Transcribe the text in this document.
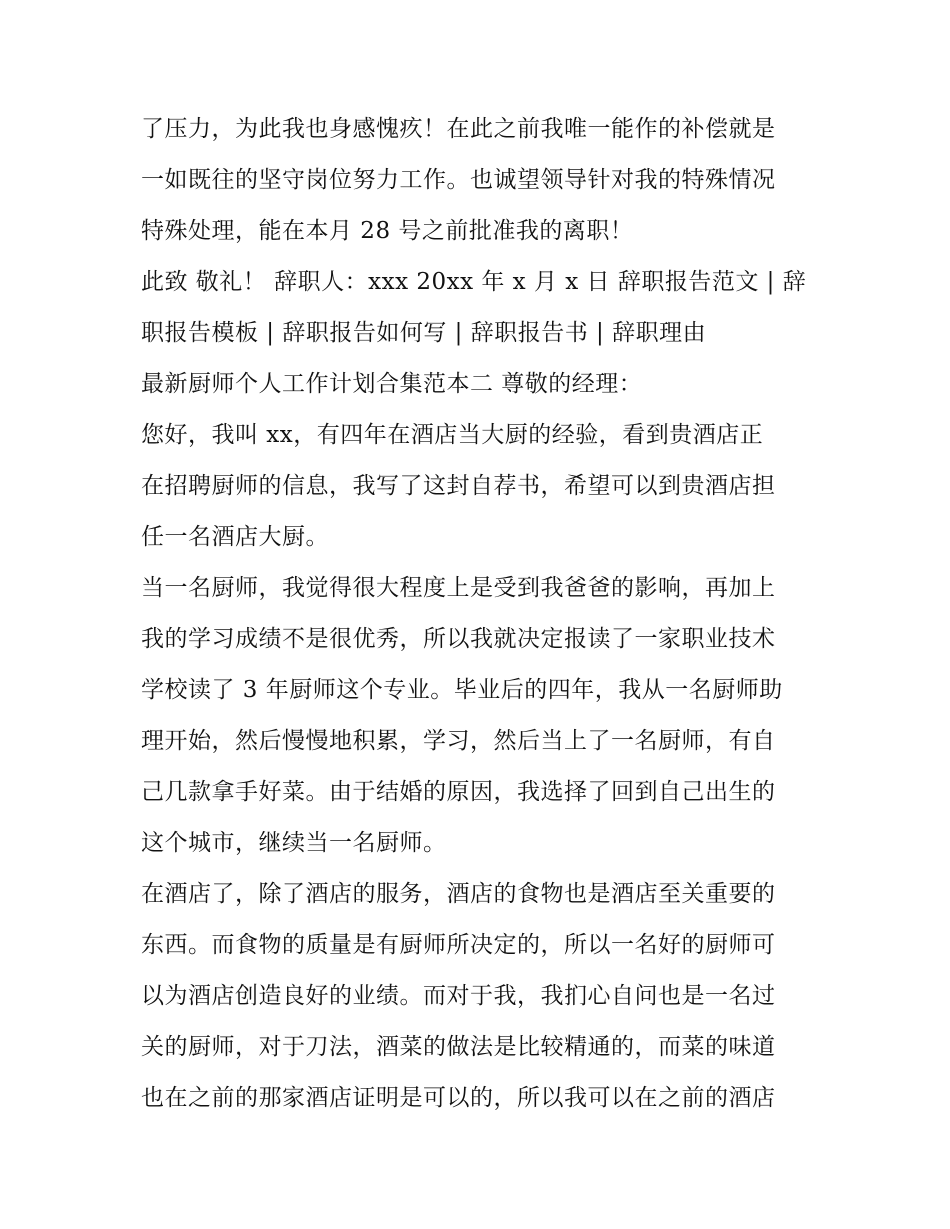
了压力，为此我也身感愧疚！在此之前我唯一能作的补偿就是
一如既往的坚守岗位努力工作。也诚望领导针对我的特殊情况
特殊处理，能在本月 28 号之前批准我的离职！
此致 敬礼！ 辞职人：xxx 20xx 年 x 月 x 日 辞职报告范文 | 辞
职报告模板 | 辞职报告如何写 | 辞职报告书 | 辞职理由
最新厨师个人工作计划合集范本二 尊敬的经理：
您好，我叫 xx，有四年在酒店当大厨的经验，看到贵酒店正
在招聘厨师的信息，我写了这封自荐书，希望可以到贵酒店担
任一名酒店大厨。
当一名厨师，我觉得很大程度上是受到我爸爸的影响，再加上
我的学习成绩不是很优秀，所以我就决定报读了一家职业技术
学校读了 3 年厨师这个专业。毕业后的四年，我从一名厨师助
理开始，然后慢慢地积累，学习，然后当上了一名厨师，有自
己几款拿手好菜。由于结婚的原因，我选择了回到自己出生的
这个城市，继续当一名厨师。
在酒店了，除了酒店的服务，酒店的食物也是酒店至关重要的
东西。而食物的质量是有厨师所决定的，所以一名好的厨师可
以为酒店创造良好的业绩。而对于我，我扪心自问也是一名过
关的厨师，对于刀法，酒菜的做法是比较精通的，而菜的味道
也在之前的那家酒店证明是可以的，所以我可以在之前的酒店
